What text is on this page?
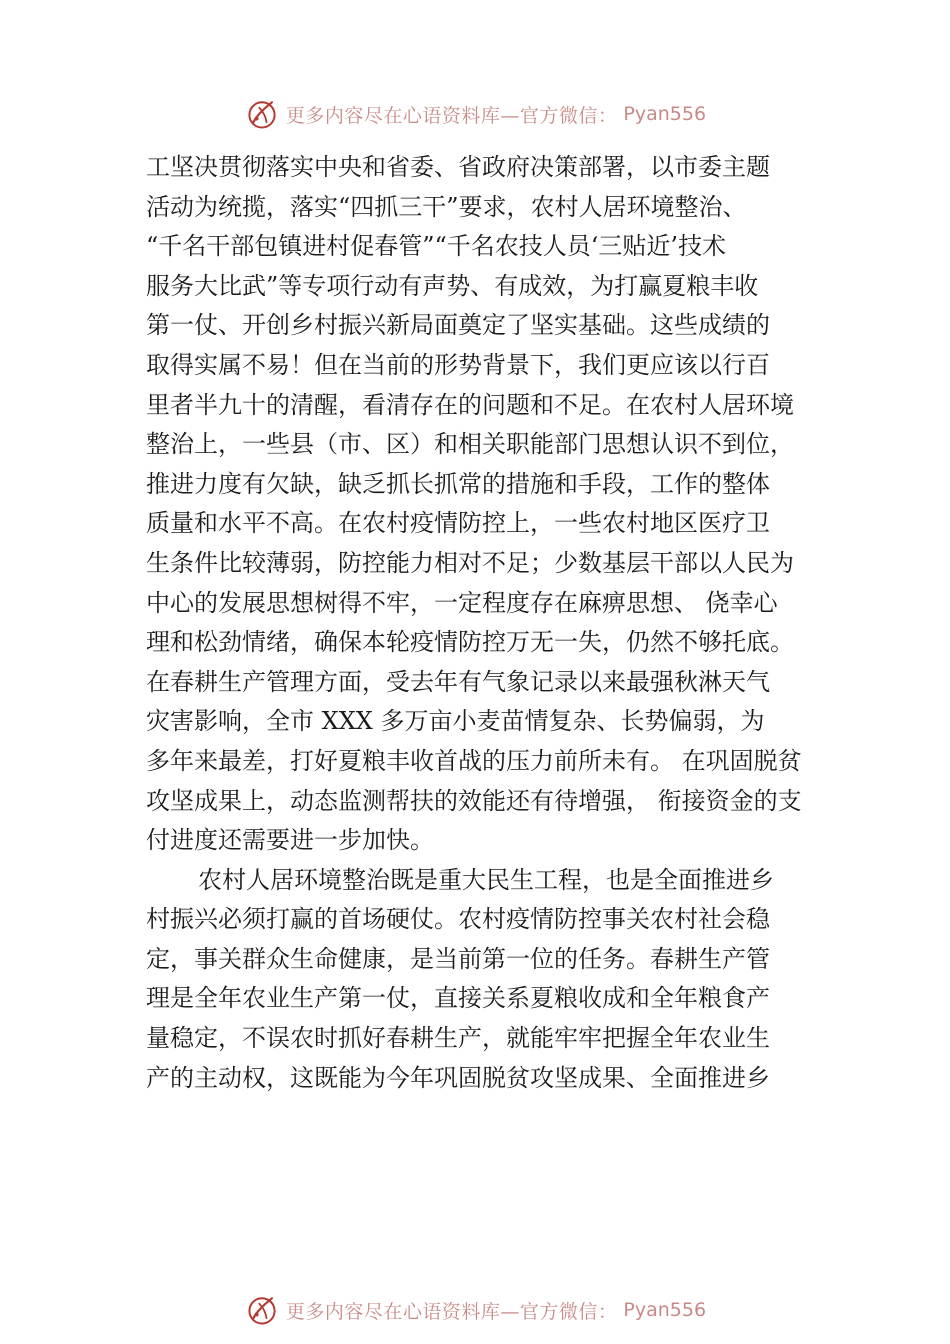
更多内容尽在心语资料库—官方微信： Pyan556
工坚决贯彻落实中央和省委、省政府决策部署，以市委主题
活动为统揽，落实“四抓三干”要求，农村人居环境整治、
“千名干部包镇进村促春管”“千名农技人员‘三贴近’技术
服务大比武”等专项行动有声势、有成效，为打赢夏粮丰收
第一仗、开创乡村振兴新局面奠定了坚实基础。这些成绩的
取得实属不易！但在当前的形势背景下，我们更应该以行百
里者半九十的清醒，看清存在的问题和不足。在农村人居环境
整治上，一些县（市、区）和相关职能部门思想认识不到位，
推进力度有欠缺，缺乏抓长抓常的措施和手段，工作的整体
质量和水平不高。在农村疫情防控上，一些农村地区医疗卫
生条件比较薄弱，防控能力相对不足；少数基层干部以人民为
中心的发展思想树得不牢，一定程度存在麻痹思想、 侥幸心
理和松劲情绪，确保本轮疫情防控万无一失，仍然不够托底。
在春耕生产管理方面，受去年有气象记录以来最强秋淋天气
灾害影响，全市 XXX 多万亩小麦苗情复杂、长势偏弱，为
多年来最差，打好夏粮丰收首战的压力前所未有。 在巩固脱贫
攻坚成果上，动态监测帮扶的效能还有待增强， 衔接资金的支
付进度还需要进一步加快。
农村人居环境整治既是重大民生工程，也是全面推进乡
村振兴必须打赢的首场硬仗。农村疫情防控事关农村社会稳
定，事关群众生命健康，是当前第一位的任务。春耕生产管
理是全年农业生产第一仗，直接关系夏粮收成和全年粮食产
量稳定，不误农时抓好春耕生产，就能牢牢把握全年农业生
产的主动权，这既能为今年巩固脱贫攻坚成果、全面推进乡
更多内容尽在心语资料库—官方微信： Pyan556
